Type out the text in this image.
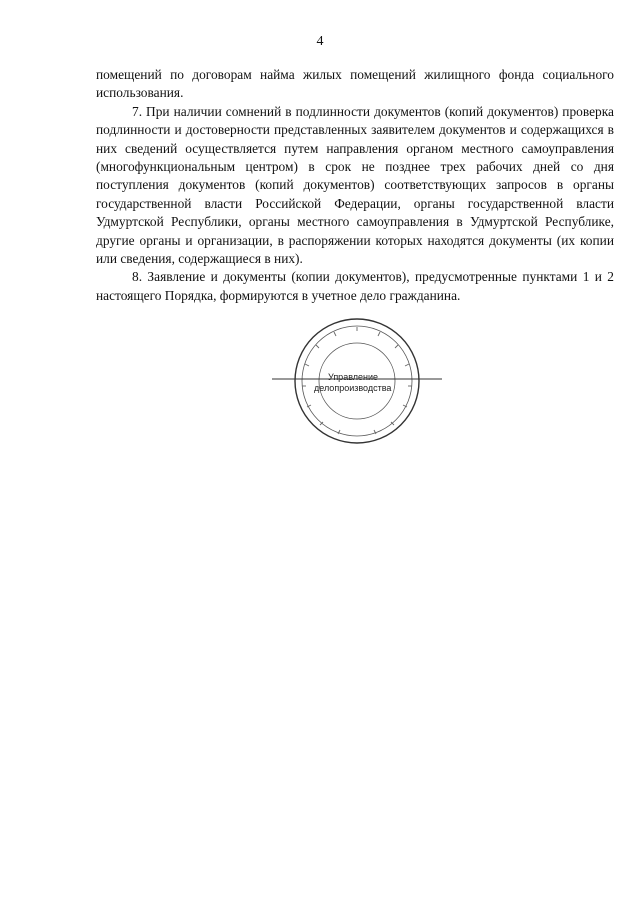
4

помещений по договорам найма жилых помещений жилищного фонда социального использования.

7. При наличии сомнений в подлинности документов (копий документов) проверка подлинности и достоверности представленных заявителем документов и содержащихся в них сведений осуществляется путем направления органом местного самоуправления (многофункциональным центром) в срок не позднее трех рабочих дней со дня поступления документов (копий документов) соответствующих запросов в органы государственной власти Российской Федерации, органы государственной власти Удмуртской Республики, органы местного самоуправления в Удмуртской Республике, другие органы и организации, в распоряжении которых находятся документы (их копии или сведения, содержащиеся в них).

8. Заявление и документы (копии документов), предусмотренные пунктами 1 и 2 настоящего Порядка, формируются в учетное дело гражданина.

Управление
делопроизводства
